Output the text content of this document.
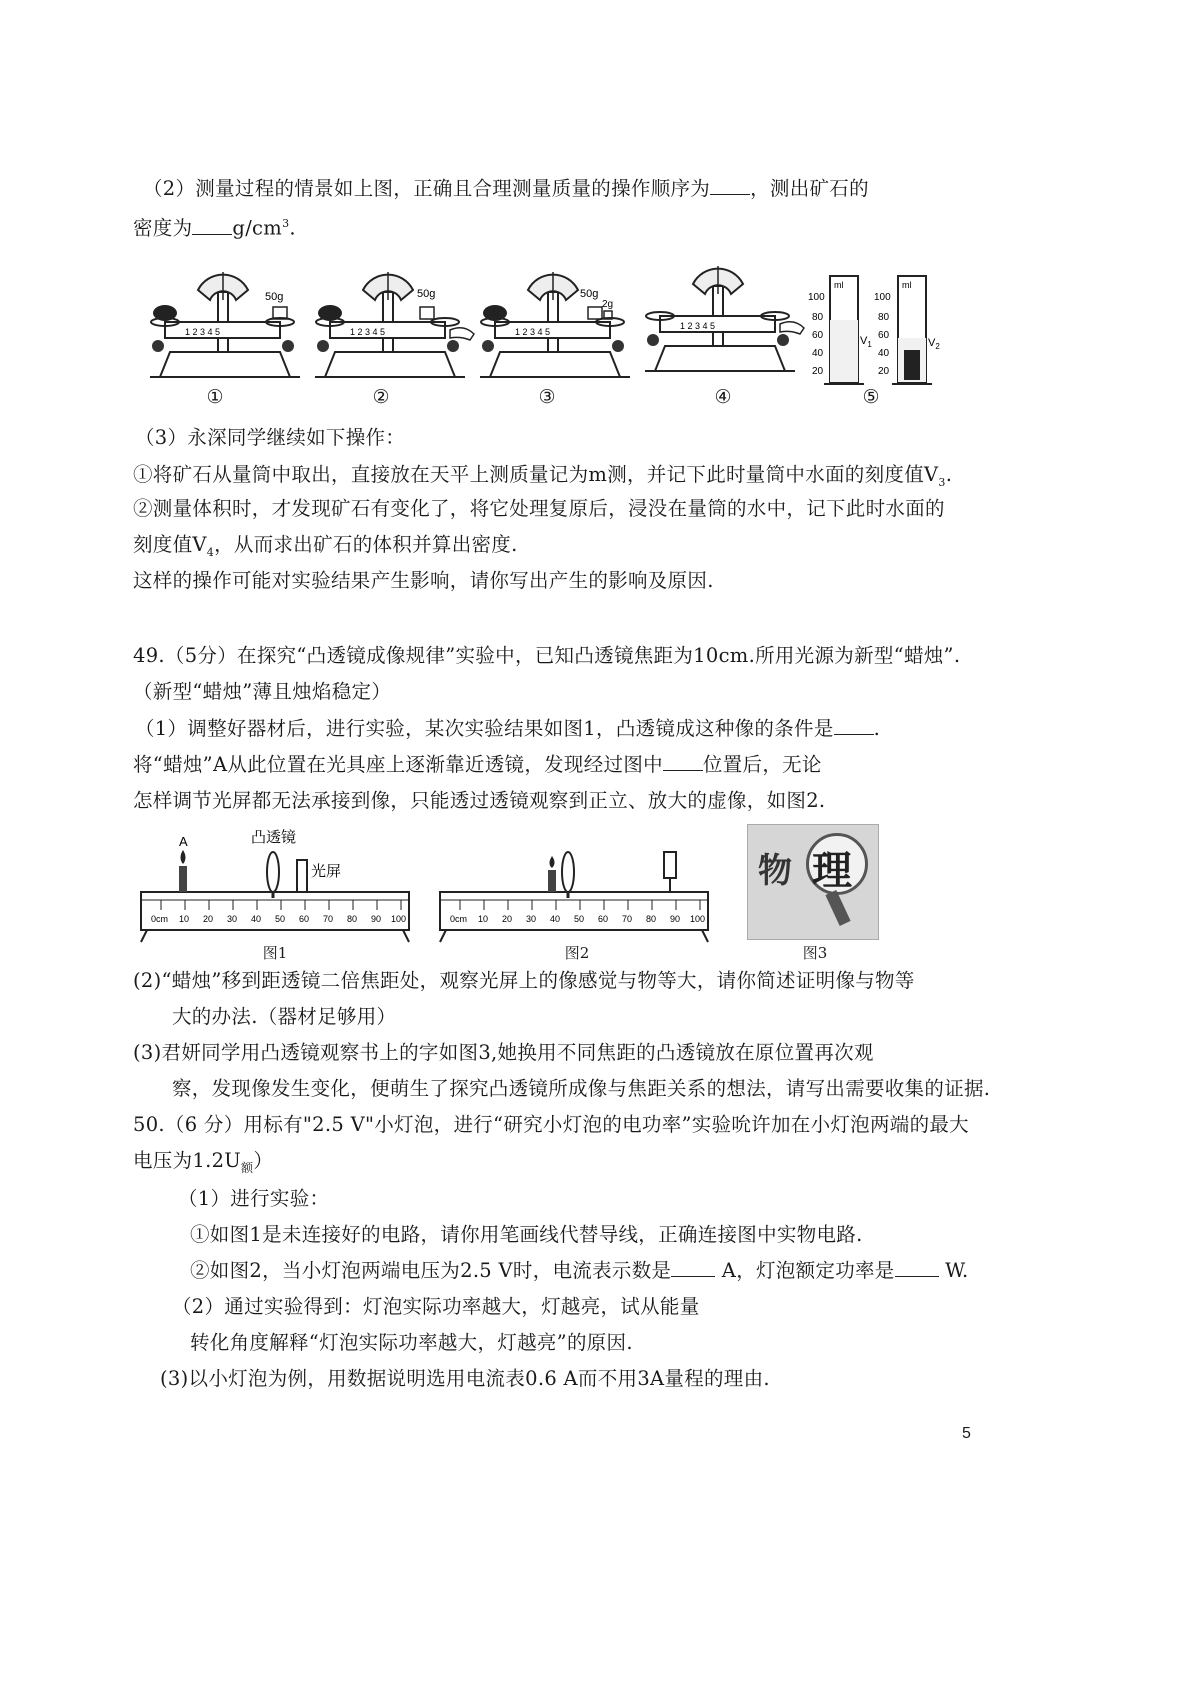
（2）测量过程的情景如上图，正确且合理测量质量的操作顺序为 ，测出矿石的
密度为 $g/cm^3$.
50g	50g	50g
2g
ml
100
80
60
40
20
$V_1$
ml
100
80
60
40
20
$V_2$
①	②	③	④	⑤
（3）永深同学继续如下操作：
①将矿石从量筒中取出，直接放在天平上测质量记为m测，并记下此时量筒中水面的刻度值$V_3$.
②测量体积时，才发现矿石有变化了，将它处理复原后，浸没在量筒的水中，记下此时水面的
刻度值$V_4$，从而求出矿石的体积并算出密度.
这样的操作可能对实验结果产生影响，请你写出产生的影响及原因.
49.（5分）在探究“凸透镜成像规律”实验中，已知凸透镜焦距为10cm.所用光源为新型“蜡烛”.
（新型“蜡烛”薄且烛焰稳定）
（1）调整好器材后，进行实验，某次实验结果如图1，凸透镜成这种像的条件是 .
将“蜡烛”A从此位置在光具座上逐渐靠近透镜，发现经过图中 位置后，无论
怎样调节光屏都无法承接到像，只能透过透镜观察到正立、放大的虚像，如图2.
0cm 10 20 30 40 50 60 70 80 90 100
A	凸透镜
光屏
图1
0cm 10 20 30 40 50 60 70 80 90 100
图2
物 理
图3
(2)“蜡烛”移到距透镜二倍焦距处，观察光屏上的像感觉与物等大，请你简述证明像与物等
大的办法.（器材足够用）
(3)君妍同学用凸透镜观察书上的字如图3,她换用不同焦距的凸透镜放在原位置再次观
察，发现像发生变化，便萌生了探究凸透镜所成像与焦距关系的想法，请写出需要收集的证据.
50.（6 分）用标有"2.5 V"小灯泡，进行“研究小灯泡的电功率”实验吮许加在小灯泡两端的最大
电压为$1.2U_额$）
（1）进行实验：
①如图1是未连接好的电路，请你用笔画线代替导线，正确连接图中实物电路.
②如图2，当小灯泡两端电压为2.5 V时，电流表示数是 A，灯泡额定功率是 W.
（2）通过实验得到：灯泡实际功率越大，灯越亮，试从能量
转化角度解释“灯泡实际功率越大，灯越亮”的原因.
(3)以小灯泡为例，用数据说明选用电流表0.6 A而不用3A量程的理由.
5
